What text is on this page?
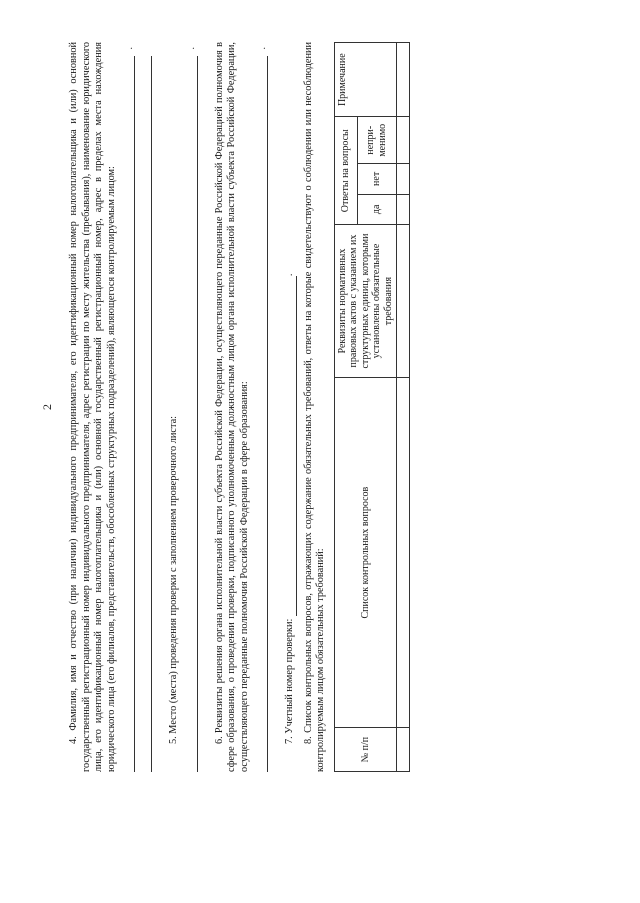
2 4. Фамилия, имя и отчество (при наличии) индивидуального предпринимателя, его идентификационный номер налогоплательщика и (или) основной государственный регистрационный номер индивидуального предпринимателя, адрес регистрации по месту жительства (пребывания), наименование юридического лица, его идентификационный номер налогоплательщика и (или) основной государственный регистрационный номер, адрес в пределах места нахождения юридического лица (его филиалов, представительств, обособленных структурных подразделений), являющегося контролируемым лицом:

.

5. Место (места) проведения проверки с заполнением проверочного листа:

. 6. Реквизиты решения органа исполнительной власти субъекта Российской Федерации, осуществляющего переданные Российской Федерацией полномочия в сфере образования, о проведении проверки, подписанного уполномоченным должностным лицом органа исполнительной власти субъекта Российской Федерации, осуществляющего переданные полномочия Российской Федерации в сфере образования:

.

7. Учетный номер проверки: . 8. Список контрольных вопросов, отражающих содержание обязательных требований, ответы на которые свидетельствуют о соблюдении или несоблюдении контролируемым лицом обязательных требований:	№ п/п	Список контрольных вопросов	Реквизиты нормативных правовых актов с указанием их структурных единиц, которыми установлены обязательные требования	Ответы на вопросы			Примечание
			да	нет	непри-менимо	
